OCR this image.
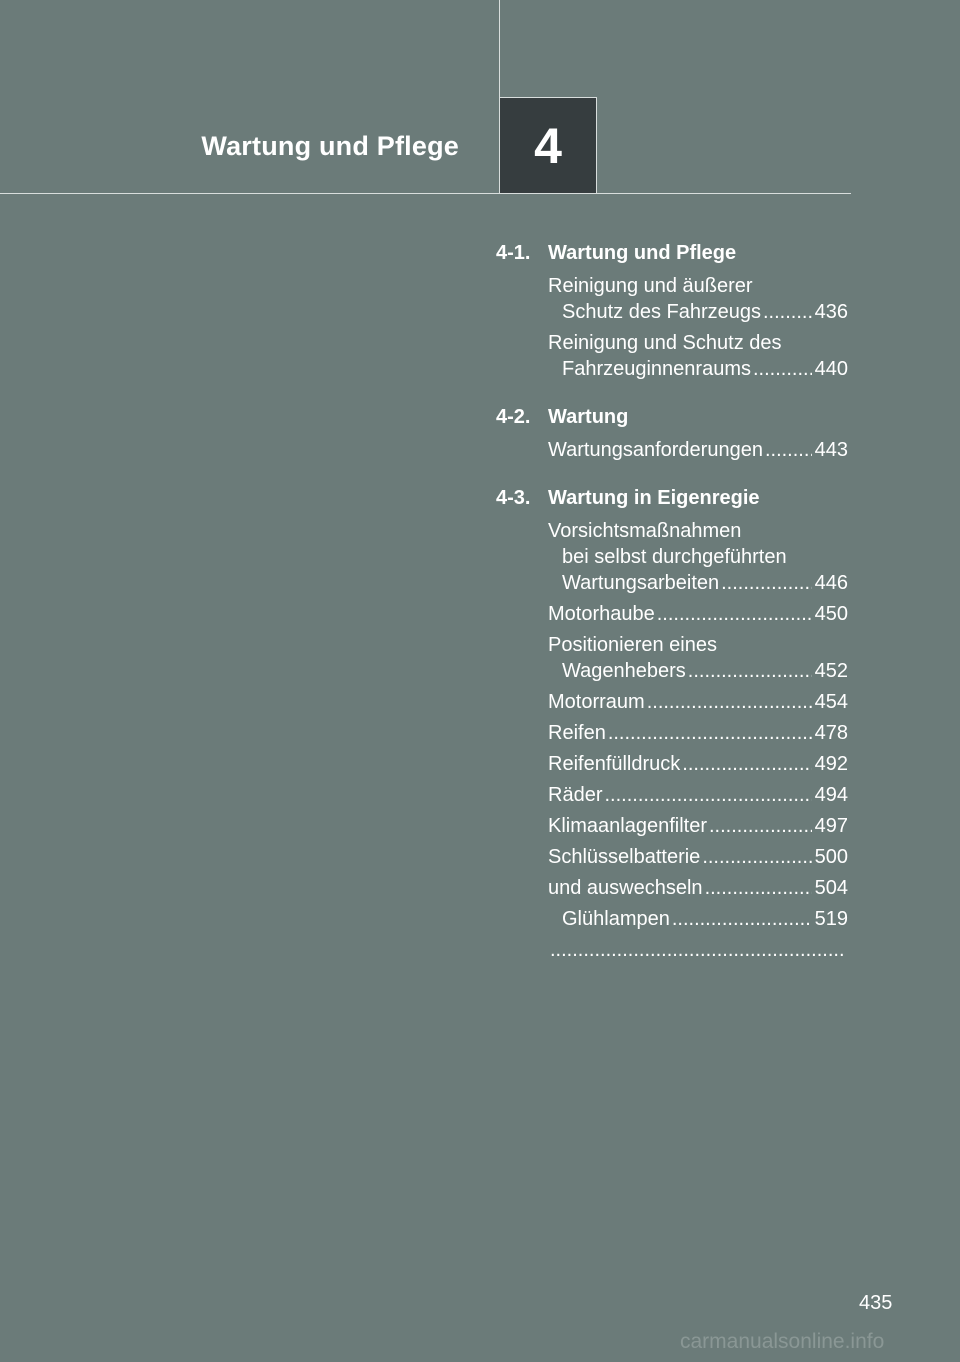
Wartung und Pflege 4
4-1. Wartung und Pflege
Reinigung und äußerer
Schutz des Fahrzeugs .....	436
Reinigung und Schutz des
Fahrzeuginnenraums .....	440
4-2. Wartung
Wartungsanforderungen .....	443
4-3. Wartung in Eigenregie
Vorsichtsmaßnahmen
bei selbst durchgeführten
Wartungsarbeiten .....	446
Motorhaube .....	450
Positionieren eines
Wagenhebers .....	452
Motorraum .....	454
Reifen .....	478
Reifenfülldruck .....	492
Räder .....	494
Klimaanlagenfilter .....	497
Schlüsselbatterie .....	500
und auswechseln .....	504
Glühlampen .....	519
.....
435
carmanualsonline.info
